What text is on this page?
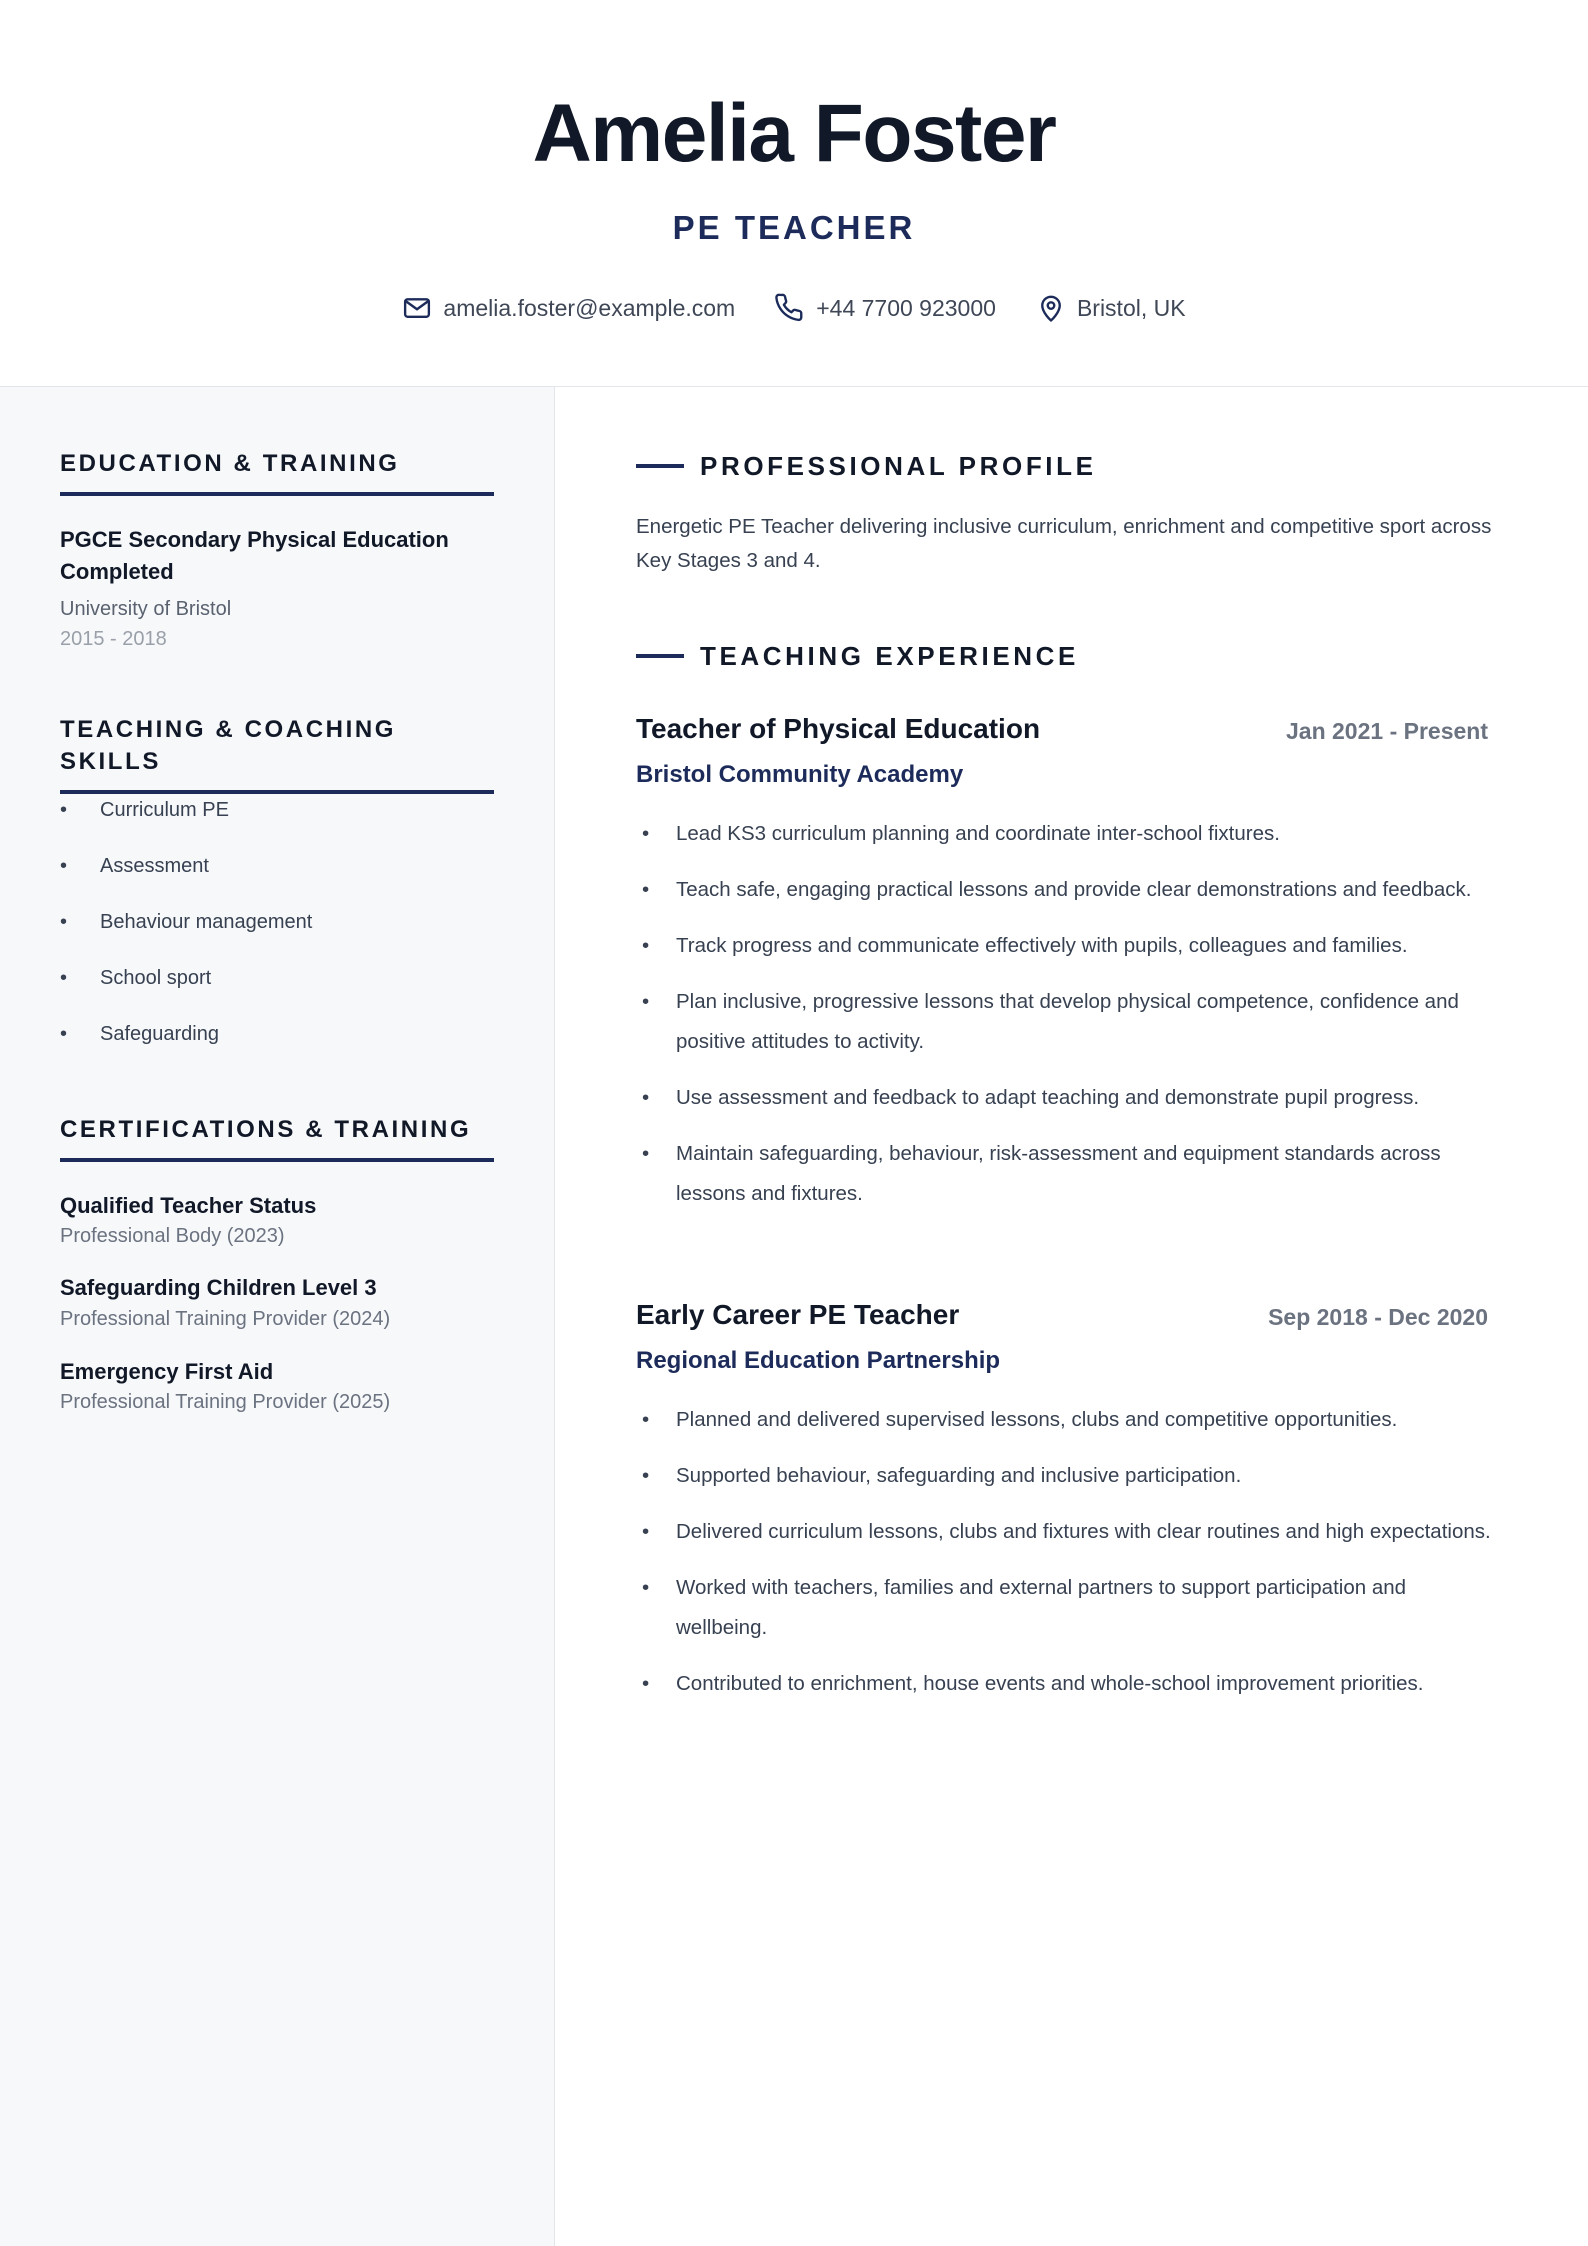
Amelia Foster
PE TEACHER
amelia.foster@example.com	+44 7700 923000	Bristol, UK
EDUCATION & TRAINING
PGCE Secondary Physical Education Completed
University of Bristol
2015 - 2018
TEACHING & COACHING SKILLS
•	Curriculum PE
•	Assessment
•	Behaviour management
•	School sport
•	Safeguarding
CERTIFICATIONS & TRAINING
Qualified Teacher Status
Professional Body (2023)
Safeguarding Children Level 3
Professional Training Provider (2024)
Emergency First Aid
Professional Training Provider (2025)
PROFESSIONAL PROFILE
Energetic PE Teacher delivering inclusive curriculum, enrichment and competitive sport across Key Stages 3 and 4.
TEACHING EXPERIENCE
Teacher of Physical Education	Jan 2021 - Present
Bristol Community Academy
•	Lead KS3 curriculum planning and coordinate inter-school fixtures.
•	Teach safe, engaging practical lessons and provide clear demonstrations and feedback.
•	Track progress and communicate effectively with pupils, colleagues and families.
•	Plan inclusive, progressive lessons that develop physical competence, confidence and positive attitudes to activity.
•	Use assessment and feedback to adapt teaching and demonstrate pupil progress.
•	Maintain safeguarding, behaviour, risk-assessment and equipment standards across lessons and fixtures.
Early Career PE Teacher	Sep 2018 - Dec 2020
Regional Education Partnership
•	Planned and delivered supervised lessons, clubs and competitive opportunities.
•	Supported behaviour, safeguarding and inclusive participation.
•	Delivered curriculum lessons, clubs and fixtures with clear routines and high expectations.
•	Worked with teachers, families and external partners to support participation and wellbeing.
•	Contributed to enrichment, house events and whole-school improvement priorities.
